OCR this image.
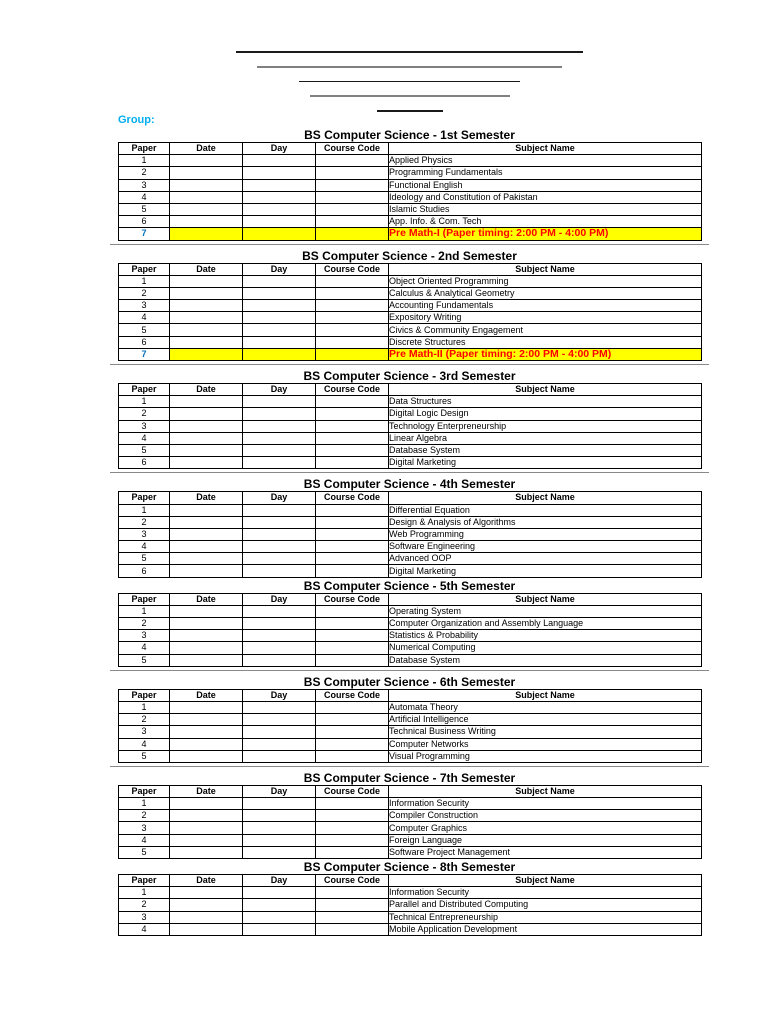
Group:
BS Computer Science - 1st Semester
Paper	Date	Day	Course Code	Subject Name
1				Applied Physics
2				Programming Fundamentals
3				Functional English
4				Ideology and Constitution of Pakistan
5				Islamic Studies
6				App. Info. & Com. Tech
7				Pre Math-I (Paper timing: 2:00 PM - 4:00 PM)
BS Computer Science - 2nd Semester
Paper	Date	Day	Course Code	Subject Name
1				Object Oriented Programming
2				Calculus & Analytical Geometry
3				Accounting Fundamentals
4				Expository Writing
5				Civics & Community Engagement
6				Discrete Structures
7				Pre Math-II (Paper timing: 2:00 PM - 4:00 PM)
BS Computer Science - 3rd Semester
Paper	Date	Day	Course Code	Subject Name
1				Data Structures
2				Digital Logic Design
3				Technology Enterpreneurship
4				Linear Algebra
5				Database System
6				Digital Marketing
BS Computer Science - 4th Semester
Paper	Date	Day	Course Code	Subject Name
1				Differential Equation
2				Design & Analysis of Algorithms
3				Web Programming
4				Software Engineering
5				Advanced OOP
6				Digital Marketing
BS Computer Science - 5th Semester
Paper	Date	Day	Course Code	Subject Name
1				Operating System
2				Computer Organization and Assembly Language
3				Statistics & Probability
4				Numerical Computing
5				Database System
BS Computer Science - 6th Semester
Paper	Date	Day	Course Code	Subject Name
1				Automata Theory
2				Artificial Intelligence
3				Technical Business Writing
4				Computer Networks
5				Visual Programming
BS Computer Science - 7th Semester
Paper	Date	Day	Course Code	Subject Name
1				Information Security
2				Compiler Construction
3				Computer Graphics
4				Foreign Language
5				Software Project Management
BS Computer Science - 8th Semester
Paper	Date	Day	Course Code	Subject Name
1				Information Security
2				Parallel and Distributed Computing
3				Technical Entrepreneurship
4				Mobile Application Development
